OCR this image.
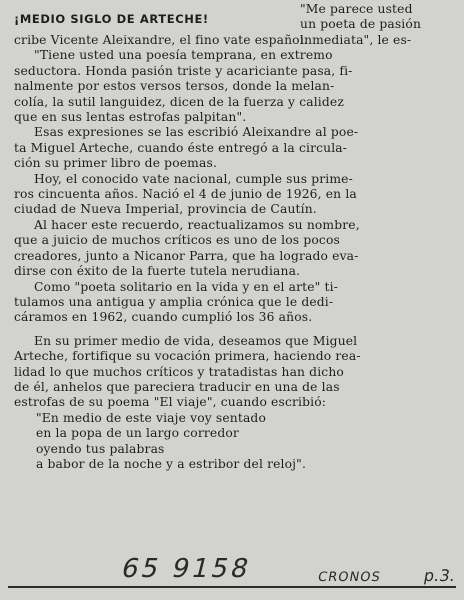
¡MEDIO SIGLO DE ARTECHE!
"Me parece usted
un poeta de pasión
inmediata", le es-
cribe Vicente Aleixandre, el fino vate español.
"Tiene usted una poesía temprana, en extremo
seductora. Honda pasión triste y acariciante pasa, fi-
nalmente por estos versos tersos, donde la melan-
colía, la sutil languidez, dicen de la fuerza y calidez
que en sus lentas estrofas palpitan".
Esas expresiones se las escribió Aleixandre al poe-
ta Miguel Arteche, cuando éste entregó a la circula-
ción su primer libro de poemas.
Hoy, el conocido vate nacional, cumple sus prime-
ros cincuenta años. Nació el 4 de junio de 1926, en la
ciudad de Nueva Imperial, provincia de Cautín.
Al hacer este recuerdo, reactualizamos su nombre,
que a juicio de muchos críticos es uno de los pocos
creadores, junto a Nicanor Parra, que ha logrado eva-
dirse con éxito de la fuerte tutela nerudiana.
Como "poeta solitario en la vida y en el arte" ti-
tulamos una antigua y amplia crónica que le dedi-
cáramos en 1962, cuando cumplió los 36 años.
En su primer medio de vida, deseamos que Miguel
Arteche, fortifique su vocación primera, haciendo rea-
lidad lo que muchos críticos y tratadistas han dicho
de él, anhelos que pareciera traducir en una de las
estrofas de su poema "El viaje", cuando escribió:
"En medio de este viaje voy sentado
en la popa de un largo corredor
oyendo tus palabras
a babor de la noche y a estribor del reloj".
65 9158	CRONOS	p.3.
